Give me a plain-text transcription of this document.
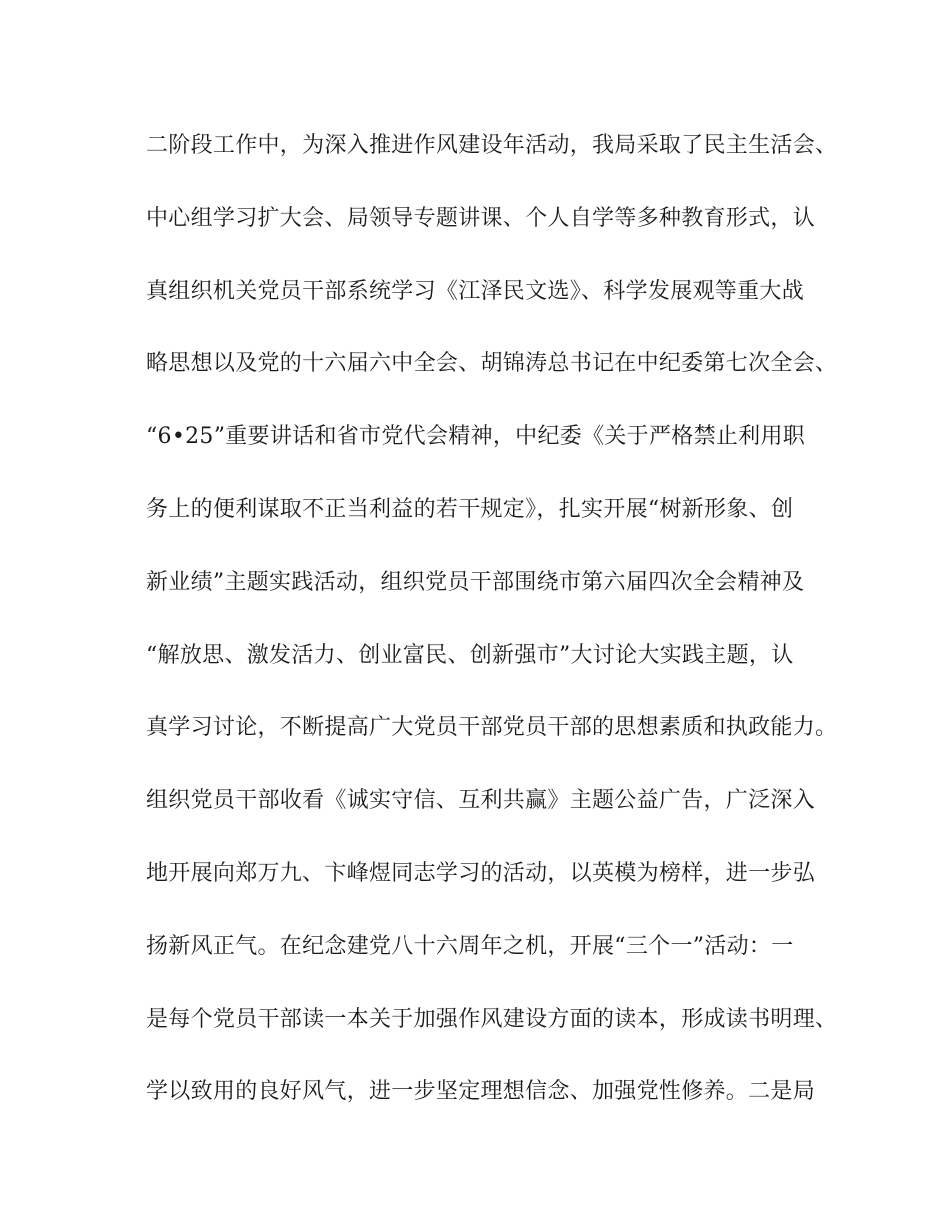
二阶段工作中，为深入推进作风建设年活动，我局采取了民主生活会、
中心组学习扩大会、局领导专题讲课、个人自学等多种教育形式，认
真组织机关党员干部系统学习《江泽民文选》、科学发展观等重大战
略思想以及党的十六届六中全会、胡锦涛总书记在中纪委第七次全会、
“6•25”重要讲话和省市党代会精神，中纪委《关于严格禁止利用职
务上的便利谋取不正当利益的若干规定》，扎实开展“树新形象、创
新业绩”主题实践活动，组织党员干部围绕市第六届四次全会精神及
“解放思、激发活力、创业富民、创新强市”大讨论大实践主题，认
真学习讨论，不断提高广大党员干部党员干部的思想素质和执政能力。
组织党员干部收看《诚实守信、互利共赢》主题公益广告，广泛深入
地开展向郑万九、卞峰煜同志学习的活动，以英模为榜样，进一步弘
扬新风正气。在纪念建党八十六周年之机，开展“三个一”活动：一
是每个党员干部读一本关于加强作风建设方面的读本，形成读书明理、
学以致用的良好风气，进一步坚定理想信念、加强党性修养。二是局
